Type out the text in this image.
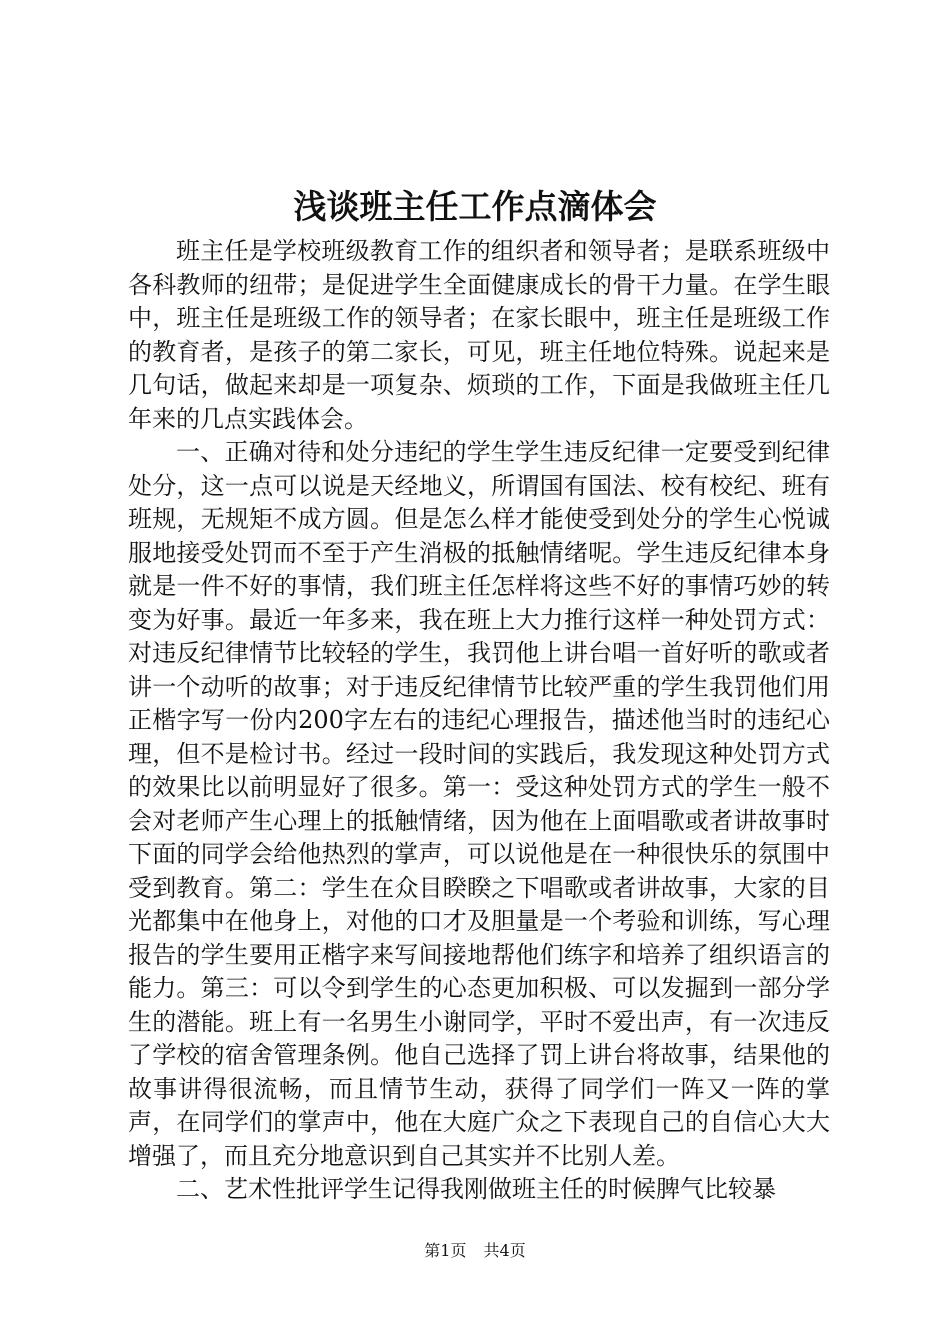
浅谈班主任工作点滴体会

班主任是学校班级教育工作的组织者和领导者；是联系班级中各科教师的纽带；是促进学生全面健康成长的骨干力量。在学生眼中，班主任是班级工作的领导者；在家长眼中，班主任是班级工作的教育者，是孩子的第二家长，可见，班主任地位特殊。说起来是几句话，做起来却是一项复杂、烦琐的工作，下面是我做班主任几年来的几点实践体会。

一、正确对待和处分违纪的学生学生违反纪律一定要受到纪律处分，这一点可以说是天经地义，所谓国有国法、校有校纪、班有班规，无规矩不成方圆。但是怎么样才能使受到处分的学生心悦诚服地接受处罚而不至于产生消极的抵触情绪呢。学生违反纪律本身就是一件不好的事情，我们班主任怎样将这些不好的事情巧妙的转变为好事。最近一年多来，我在班上大力推行这样一种处罚方式：对违反纪律情节比较轻的学生，我罚他上讲台唱一首好听的歌或者讲一个动听的故事；对于违反纪律情节比较严重的学生我罚他们用正楷字写一份内200字左右的违纪心理报告，描述他当时的违纪心理，但不是检讨书。经过一段时间的实践后，我发现这种处罚方式的效果比以前明显好了很多。第一：受这种处罚方式的学生一般不会对老师产生心理上的抵触情绪，因为他在上面唱歌或者讲故事时下面的同学会给他热烈的掌声，可以说他是在一种很快乐的氛围中受到教育。第二：学生在众目睽睽之下唱歌或者讲故事，大家的目光都集中在他身上，对他的口才及胆量是一个考验和训练，写心理报告的学生要用正楷字来写间接地帮他们练字和培养了组织语言的能力。第三：可以令到学生的心态更加积极、可以发掘到一部分学生的潜能。班上有一名男生小谢同学，平时不爱出声，有一次违反了学校的宿舍管理条例。他自己选择了罚上讲台将故事，结果他的故事讲得很流畅，而且情节生动，获得了同学们一阵又一阵的掌声，在同学们的掌声中，他在大庭广众之下表现自己的自信心大大增强了，而且充分地意识到自己其实并不比别人差。

二、艺术性批评学生记得我刚做班主任的时候脾气比较暴

第1页 共4页
